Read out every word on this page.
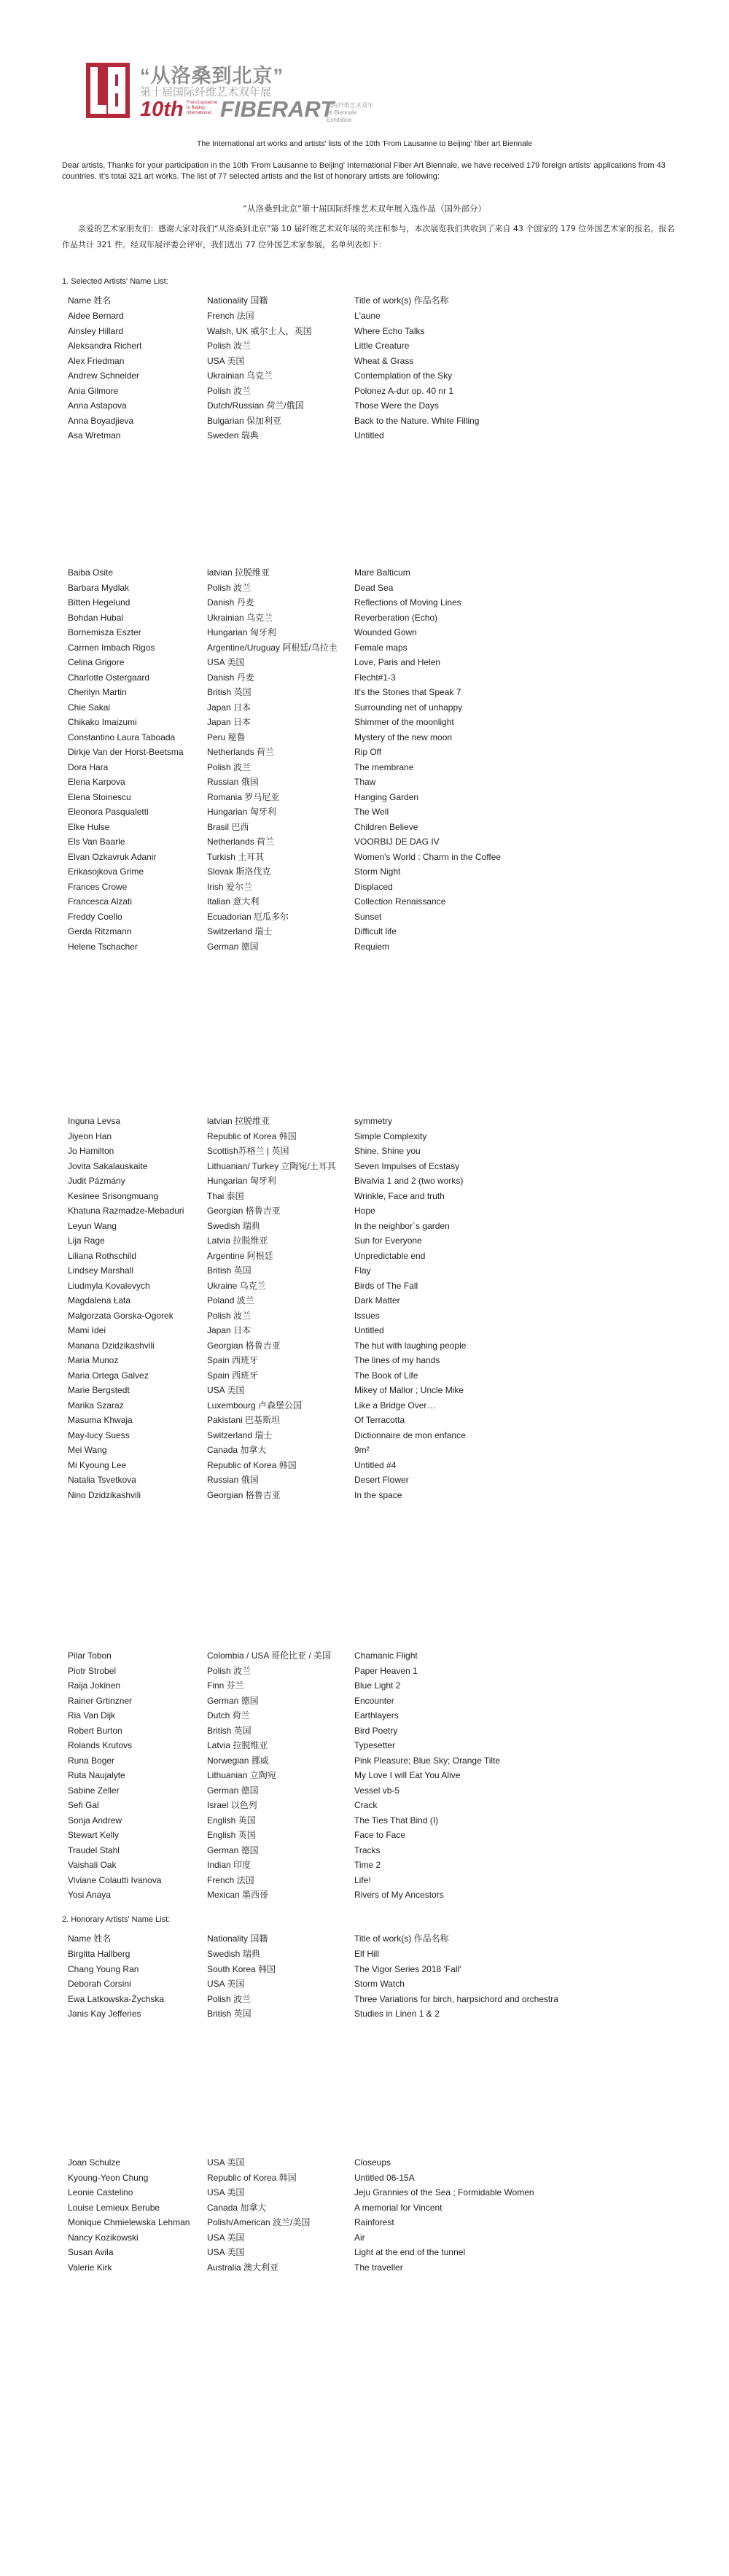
“从洛桑到北京”
第十届国际纤维艺术双年展
10th From Lausanne to Beijing International FIBERART
国际纤维艺术双年展 Biennale Exhibition
The International art works and artists' lists of the 10th 'From Lausanne to Beijing' fiber art Biennale
Dear artists, Thanks for your participation in the 10th 'From Lausanne to Beijing' International Fiber Art Biennale, we have received 179 foreign artists' applications from 43 countries. It's total 321 art works. The list of 77 selected artists and the list of honorary artists are following:
“从洛桑到北京”第十届国际纤维艺术双年展入选作品（国外部分）
亲爱的艺术家朋友们：感谢大家对我们“从洛桑到北京”第 10 届纤维艺术双年展的关注和参与，本次展览我们共收到了来自 43 个国家的 179 位外国艺术家的报名，报名作品共计 321 件。经双年展评委会评审，我们选出 77 位外国艺术家参展，名单列表如下：
1. Selected Artists' Name List:
Name 姓名	Nationality 国籍	Title of work(s) 作品名称
Aidee Bernard	French 法国	L'aune
Ainsley Hillard	Walsh, UK 威尔士人，英国	Where Echo Talks
Aleksandra Richert	Polish 波兰	Little Creature
Alex Friedman	USA 美国	Wheat & Grass
Andrew Schneider	Ukrainian 乌克兰	Contemplation of the Sky
Ania Gilmore	Polish 波兰	Polonez A-dur op. 40 nr 1
Anna Astapova	Dutch/Russian 荷兰/俄国	Those Were the Days
Anna Boyadjieva	Bulgarian 保加利亚	Back to the Nature. White Filling
Asa Wretman	Sweden 瑞典	Untitled
Baiba Osite	latvian 拉脱维亚	Mare Balticum
Barbara Mydlak	Polish 波兰	Dead Sea
Bitten Hegelund	Danish 丹麦	Reflections of Moving Lines
Bohdan Hubal	Ukrainian 乌克兰	Reverberation (Echo)
Bornemisza Eszter	Hungarian 匈牙利	Wounded Gown
Carmen Imbach Rigos	Argentine/Uruguay 阿根廷/乌拉圭	Female maps
Celina Grigore	USA 美国	Love, Paris and Helen
Charlotte Ostergaard	Danish 丹麦	Flecht#1-3
Cherilyn Martin	British 英国	It's the Stones that Speak 7
Chie Sakai	Japan 日本	Surrounding net of unhappy
Chikako Imaizumi	Japan 日本	Shimmer of the moonlight
Constantino Laura Taboada	Peru 秘鲁	Mystery of the new moon
Dirkje Van der Horst-Beetsma	Netherlands 荷兰	Rip Off
Dora Hara	Polish 波兰	The membrane
Elena Karpova	Russian 俄国	Thaw
Elena Stoinescu	Romania 罗马尼亚	Hanging Garden
Eleonora Pasqualetti	Hungarian 匈牙利	The Well
Elke Hulse	Brasil 巴西	Children Believe
Els Van Baarle	Netherlands 荷兰	VOORBIJ DE DAG IV
Elvan Ozkavruk Adanir	Turkish 土耳其	Women's World : Charm in the Coffee
Erikasojkova Grime	Slovak 斯洛伐克	Storm Night
Frances Crowe	Irish 爱尔兰	Displaced
Francesca Alzati	Italian 意大利	Collection Renaissance
Freddy Coello	Ecuadorian 厄瓜多尔	Sunset
Gerda Ritzmann	Switzerland 瑞士	Difficult life
Helene Tschacher	German 德国	Requiem
Inguna Levsa	latvian 拉脱维亚	symmetry
Jiyeon Han	Republic of Korea 韩国	Simple Complexity
Jo Hamilton	Scottish苏格兰 | 英国	Shine, Shine you
Jovita Sakalauskaite	Lithuanian/ Turkey 立陶宛/土耳其	Seven Impulses of Ecstasy
Judit Pázmány	Hungarian 匈牙利	Bivalvia 1 and 2 (two works)
Kesinee Srisongmuang	Thai 泰国	Wrinkle, Face and truth
Khatuna Razmadze-Mebaduri	Georgian 格鲁吉亚	Hope
Leyun Wang	Swedish 瑞典	In the neighbor´s garden
Lija Rage	Latvia 拉脱维亚	Sun for Everyone
Liliana Rothschild	Argentine 阿根廷	Unpredictable end
Lindsey Marshall	British 英国	Flay
Liudmyla Kovalevych	Ukraine 乌克兰	Birds of The Fall
Magdalena Łata	Poland 波兰	Dark Matter
Malgorzata Gorska-Ogorek	Polish 波兰	Issues
Mami Idei	Japan 日本	Untitled
Manana Dzidzikashvili	Georgian 格鲁吉亚	The hut with laughing people
Maria Munoz	Spain 西班牙	The lines of my hands
Maria Ortega Galvez	Spain 西班牙	The Book of Life
Marie Bergstedt	USA 美国	Mikey of Mallor ; Uncle Mike
Marika Szaraz	Luxembourg 卢森堡公国	Like a Bridge Over…
Masuma Khwaja	Pakistani 巴基斯坦	Of Terracotta
May-lucy Suess	Switzerland 瑞士	Dictionnaire de mon enfance
Mei Wang	Canada 加拿大	9m²
Mi Kyoung Lee	Republic of Korea 韩国	Untitled #4
Natalia Tsvetkova	Russian 俄国	Desert Flower
Nino Dzidzikashvili	Georgian 格鲁吉亚	In the space
Pilar Tobon	Colombia / USA 哥伦比亚 / 美国	Chamanic Flight
Piotr Strobel	Polish 波兰	Paper Heaven 1
Raija Jokinen	Finn 芬兰	Blue Light 2
Rainer Grtinzner	German 德国	Encounter
Ria Van Dijk	Dutch 荷兰	Earthlayers
Robert Burton	British 英国	Bird Poetry
Rolands Krutovs	Latvia 拉脱维亚	Typesetter
Runa Boger	Norwegian 挪威	Pink Pleasure; Blue Sky; Orange Tilte
Ruta Naujalyte	Lithuanian 立陶宛	My Love I will Eat You Alive
Sabine Zeller	German 德国	Vessel vb-5
Sefi Gal	Israel 以色列	Crack
Sonja Andrew	English 英国	The Ties That Bind (I)
Stewart Kelly	English 英国	Face to Face
Traudel Stahl	German 德国	Tracks
Vaishali Oak	Indian 印度	Time 2
Viviane Colautti Ivanova	French 法国	Life!
Yosi Anaya	Mexican 墨西哥	Rivers of My Ancestors
2. Honorary Artists' Name List:
Name 姓名	Nationality 国籍	Title of work(s) 作品名称
Birgitta Hallberg	Swedish 瑞典	Elf Hill
Chang Young Ran	South Korea 韩国	The Vigor Series 2018 'Fall'
Deborah Corsini	USA 美国	Storm Watch
Ewa Latkowska-Żychska	Polish 波兰	Three Variations for birch, harpsichord and orchestra
Janis Kay Jefferies	British 英国	Studies in Linen 1 & 2
Joan Schulze	USA 美国	Closeups
Kyoung-Yeon Chung	Republic of Korea 韩国	Untitled 06-15A
Leonie Castelino	USA 美国	Jeju Grannies of the Sea ; Formidable Women
Louise Lemieux Berube	Canada 加拿大	A memorial for Vincent
Monique Chmielewska Lehman	Polish/American 波兰/美国	Rainforest
Nancy Kozikowski	USA 美国	Air
Susan Avila	USA 美国	Light at the end of the tunnel
Valerie Kirk	Australia 澳大利亚	The traveller
